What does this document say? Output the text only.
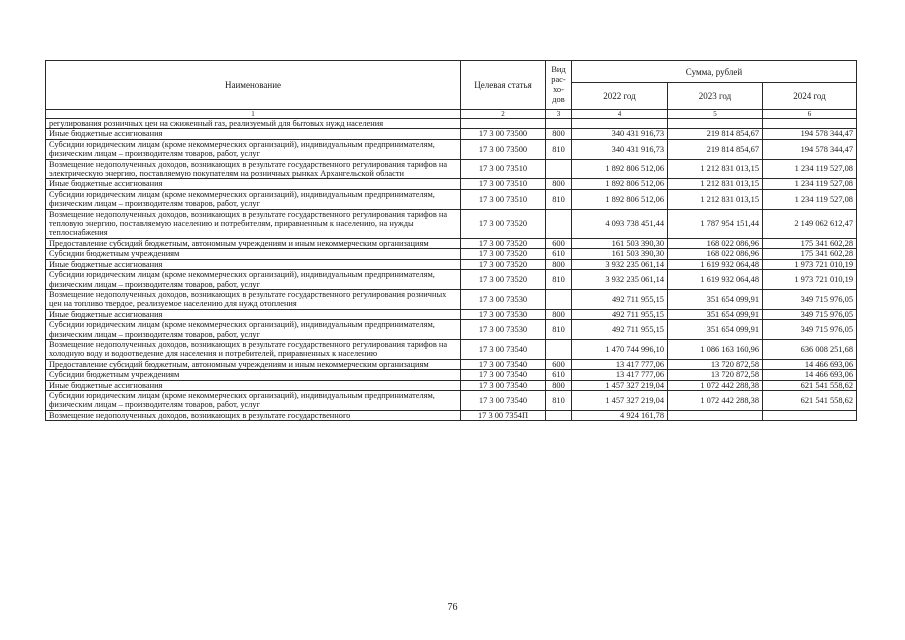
Наименование	Целевая статья	Вид
рас-
хо-
дов	Сумма, рублей		
			2022 год	2023 год	2024 год
1	2	3	4	5	6
регулирования розничных цен на сжиженный газ, реализуемый для бытовых нужд населения					
Иные бюджетные ассигнования	17 3 00 73500	800	340 431 916,73	219 814 854,67	194 578 344,47
Субсидии юридическим лицам (кроме некоммерческих организаций), индивидуальным предпринимателям, физическим лицам – производителям товаров, работ, услуг	17 3 00 73500	810	340 431 916,73	219 814 854,67	194 578 344,47
Возмещение недополученных доходов, возникающих в результате государственного регулирования тарифов на электрическую энергию, поставляемую покупателям на розничных рынках Архангельской области	17 3 00 73510		1 892 806 512,06	1 212 831 013,15	1 234 119 527,08
Иные бюджетные ассигнования	17 3 00 73510	800	1 892 806 512,06	1 212 831 013,15	1 234 119 527,08
Субсидии юридическим лицам (кроме некоммерческих организаций), индивидуальным предпринимателям, физическим лицам – производителям товаров, работ, услуг	17 3 00 73510	810	1 892 806 512,06	1 212 831 013,15	1 234 119 527,08
Возмещение недополученных доходов, возникающих в результате государственного регулирования тарифов на тепловую энергию, поставляемую населению и потребителям, приравненным к населению, на нужды теплоснабжения	17 3 00 73520		4 093 738 451,44	1 787 954 151,44	2 149 062 612,47
Предоставление субсидий бюджетным, автономным учреждениям и иным некоммерческим организациям	17 3 00 73520	600	161 503 390,30	168 022 086,96	175 341 602,28
Субсидии бюджетным учреждениям	17 3 00 73520	610	161 503 390,30	168 022 086,96	175 341 602,28
Иные бюджетные ассигнования	17 3 00 73520	800	3 932 235 061,14	1 619 932 064,48	1 973 721 010,19
Субсидии юридическим лицам (кроме некоммерческих организаций), индивидуальным предпринимателям, физическим лицам – производителям товаров, работ, услуг	17 3 00 73520	810	3 932 235 061,14	1 619 932 064,48	1 973 721 010,19
Возмещение недополученных доходов, возникающих в результате государственного регулирования розничных цен на топливо твердое, реализуемое населению для нужд отопления	17 3 00 73530		492 711 955,15	351 654 099,91	349 715 976,05
Иные бюджетные ассигнования	17 3 00 73530	800	492 711 955,15	351 654 099,91	349 715 976,05
Субсидии юридическим лицам (кроме некоммерческих организаций), индивидуальным предпринимателям, физическим лицам – производителям товаров, работ, услуг	17 3 00 73530	810	492 711 955,15	351 654 099,91	349 715 976,05
Возмещение недополученных доходов, возникающих в результате государственного регулирования тарифов на холодную воду и водоотведение для населения и потребителей, приравненных к населению	17 3 00 73540		1 470 744 996,10	1 086 163 160,96	636 008 251,68
Предоставление субсидий бюджетным, автономным учреждениям и иным некоммерческим организациям	17 3 00 73540	600	13 417 777,06	13 720 872,58	14 466 693,06
Субсидии бюджетным учреждениям	17 3 00 73540	610	13 417 777,06	13 720 872,58	14 466 693,06
Иные бюджетные ассигнования	17 3 00 73540	800	1 457 327 219,04	1 072 442 288,38	621 541 558,62
Субсидии юридическим лицам (кроме некоммерческих организаций), индивидуальным предпринимателям, физическим лицам – производителям товаров, работ, услуг	17 3 00 73540	810	1 457 327 219,04	1 072 442 288,38	621 541 558,62
Возмещение недополученных доходов, возникающих в результате государственного	17 3 00 7354П		4 924 161,78		
76
